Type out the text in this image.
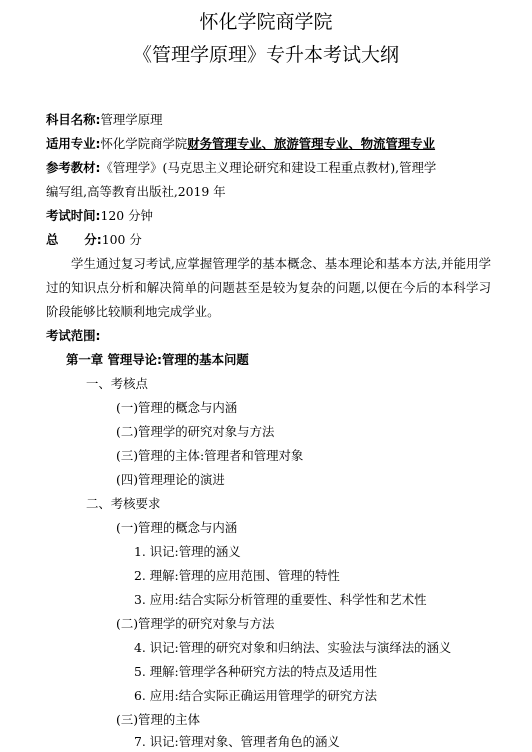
怀化学院商学院
《管理学原理》专升本考试大纲
科目名称:管理学原理
适用专业:怀化学院商学院财务管理专业、旅游管理专业、物流管理专业
参考教材:《管理学》(马克思主义理论研究和建设工程重点教材),管理学
编写组,高等教育出版社,2019 年
考试时间:120 分钟
总 分:100 分
学生通过复习考试,应掌握管理学的基本概念、基本理论和基本方法,并能用学过的知识点分析和解决简单的问题甚至是较为复杂的问题,以便在今后的本科学习阶段能够比较顺利地完成学业。
考试范围:
第一章 管理导论:管理的基本问题
一、考核点
(一)管理的概念与内涵
(二)管理学的研究对象与方法
(三)管理的主体:管理者和管理对象
(四)管理理论的演进
二、考核要求
(一)管理的概念与内涵
1. 识记:管理的涵义
2. 理解:管理的应用范围、管理的特性
3. 应用:结合实际分析管理的重要性、科学性和艺术性
(二)管理学的研究对象与方法
4. 识记:管理的研究对象和归纳法、实验法与演绎法的涵义
5. 理解:管理学各种研究方法的特点及适用性
6. 应用:结合实际正确运用管理学的研究方法
(三)管理的主体
7. 识记:管理对象、管理者角色的涵义
